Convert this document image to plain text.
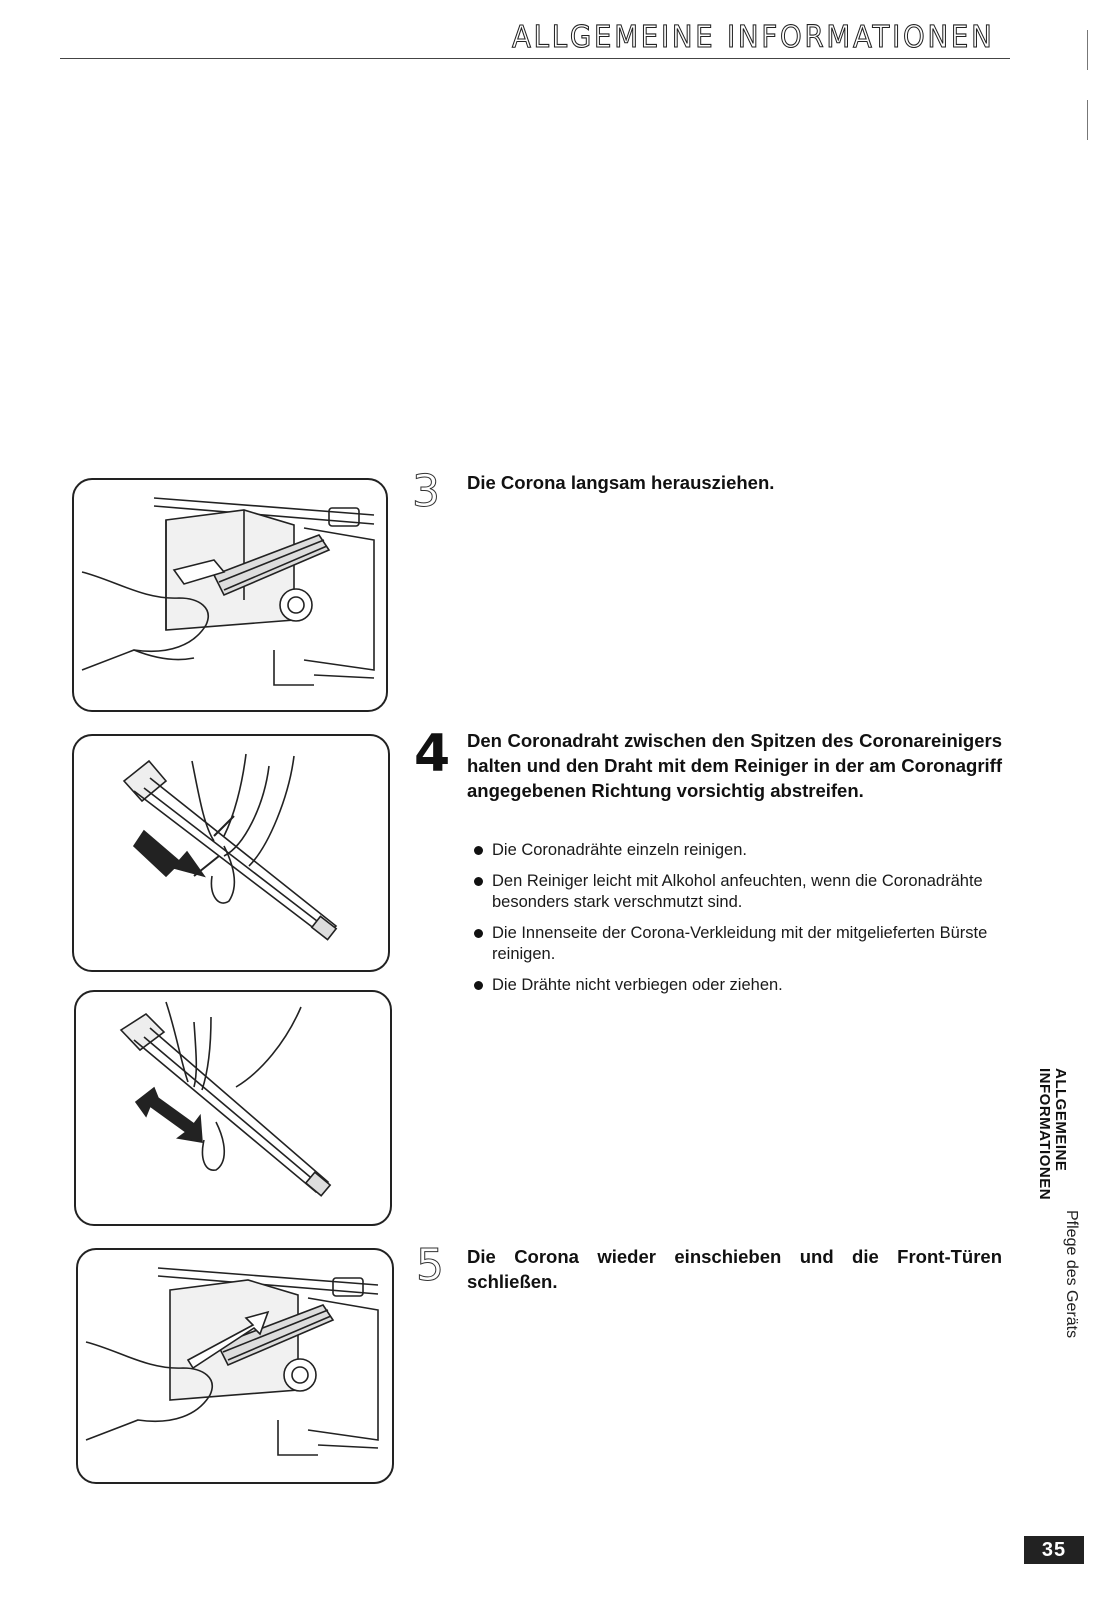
ALLGEMEINE INFORMATIONEN
3 Die Corona langsam herausziehen.
4 Den Coronadraht zwischen den Spitzen des Coronareinigers halten und den Draht mit dem Reiniger in der am Coronagriff angegebenen Richtung vorsichtig abstreifen.
Die Coronadrähte einzeln reinigen.
Den Reiniger leicht mit Alkohol anfeuchten, wenn die Coronadrähte besonders stark verschmutzt sind.
Die Innenseite der Corona-Verkleidung mit der mitgelieferten Bürste reinigen.
Die Drähte nicht verbiegen oder ziehen.
5 Die Corona wieder einschieben und die Front-Türen schließen.
ALLGEMEINE
INFORMATIONEN
Pflege des Geräts
35
